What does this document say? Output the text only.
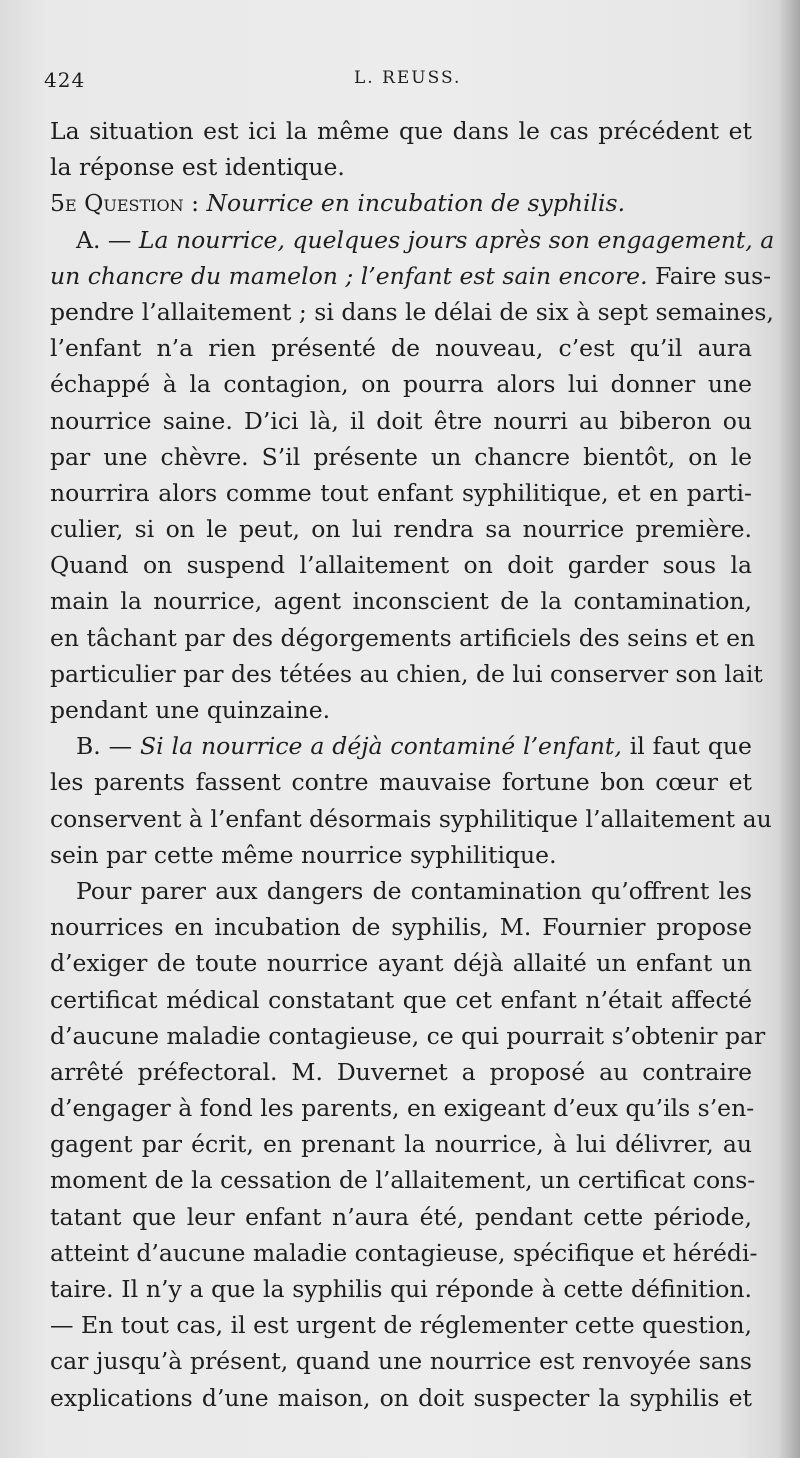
424	L. REUSS.
La situation est ici la même que dans le cas précédent et
la réponse est identique.
5e Question : Nourrice en incubation de syphilis.
A. — La nourrice, quelques jours après son engagement, a
un chancre du mamelon ; l’enfant est sain encore. Faire sus-
pendre l’allaitement ; si dans le délai de six à sept semaines,
l’enfant n’a rien présenté de nouveau, c’est qu’il aura
échappé à la contagion, on pourra alors lui donner une
nourrice saine. D’ici là, il doit être nourri au biberon ou
par une chèvre. S’il présente un chancre bientôt, on le
nourrira alors comme tout enfant syphilitique, et en parti-
culier, si on le peut, on lui rendra sa nourrice première.
Quand on suspend l’allaitement on doit garder sous la
main la nourrice, agent inconscient de la contamination,
en tâchant par des dégorgements artificiels des seins et en
particulier par des tétées au chien, de lui conserver son lait
pendant une quinzaine.
B. — Si la nourrice a déjà contaminé l’enfant, il faut que
les parents fassent contre mauvaise fortune bon cœur et
conservent à l’enfant désormais syphilitique l’allaitement au
sein par cette même nourrice syphilitique.
Pour parer aux dangers de contamination qu’offrent les
nourrices en incubation de syphilis, M. Fournier propose
d’exiger de toute nourrice ayant déjà allaité un enfant un
certificat médical constatant que cet enfant n’était affecté
d’aucune maladie contagieuse, ce qui pourrait s’obtenir par
arrêté préfectoral. M. Duvernet a proposé au contraire
d’engager à fond les parents, en exigeant d’eux qu’ils s’en-
gagent par écrit, en prenant la nourrice, à lui délivrer, au
moment de la cessation de l’allaitement, un certificat cons-
tatant que leur enfant n’aura été, pendant cette période,
atteint d’aucune maladie contagieuse, spécifique et hérédi-
taire. Il n’y a que la syphilis qui réponde à cette définition.
— En tout cas, il est urgent de réglementer cette question,
car jusqu’à présent, quand une nourrice est renvoyée sans
explications d’une maison, on doit suspecter la syphilis et
